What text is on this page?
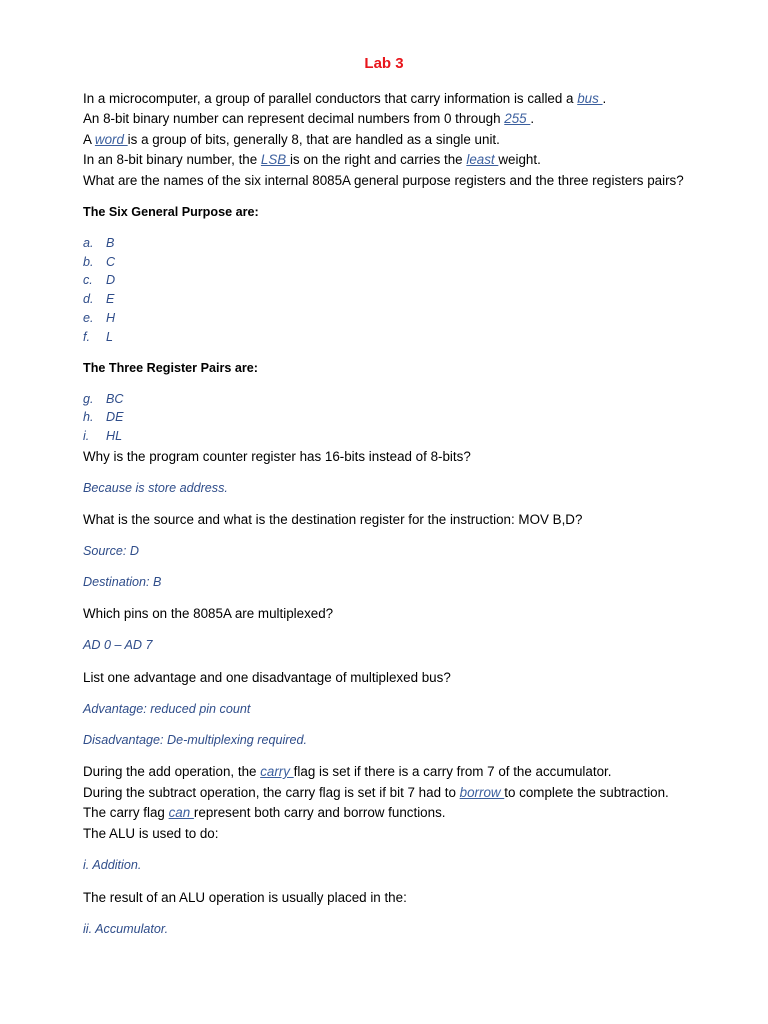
Lab 3
In a microcomputer, a group of parallel conductors that carry information is called a bus .
An 8-bit binary number can represent decimal numbers from 0 through 255 .
A word is a group of bits, generally 8, that are handled as a single unit.
In an 8-bit binary number, the LSB is on the right and carries the least weight.
What are the names of the six internal 8085A general purpose registers and the three registers pairs?
The Six General Purpose are:
a. B
b. C
c. D
d. E
e. H
f. L
The Three Register Pairs are:
g. BC
h. DE
i. HL
Why is the program counter register has 16-bits instead of 8-bits?
Because is store address.
What is the source and what is the destination register for the instruction: MOV B,D?
Source: D
Destination: B
Which pins on the 8085A are multiplexed?
AD 0 – AD 7
List one advantage and one disadvantage of multiplexed bus?
Advantage: reduced pin count
Disadvantage: De-multiplexing required.
During the add operation, the carry flag is set if there is a carry from 7 of the accumulator.
During the subtract operation, the carry flag is set if bit 7 had to borrow to complete the subtraction.
The carry flag can represent both carry and borrow functions.
The ALU is used to do:
i. Addition.
The result of an ALU operation is usually placed in the:
ii. Accumulator.
